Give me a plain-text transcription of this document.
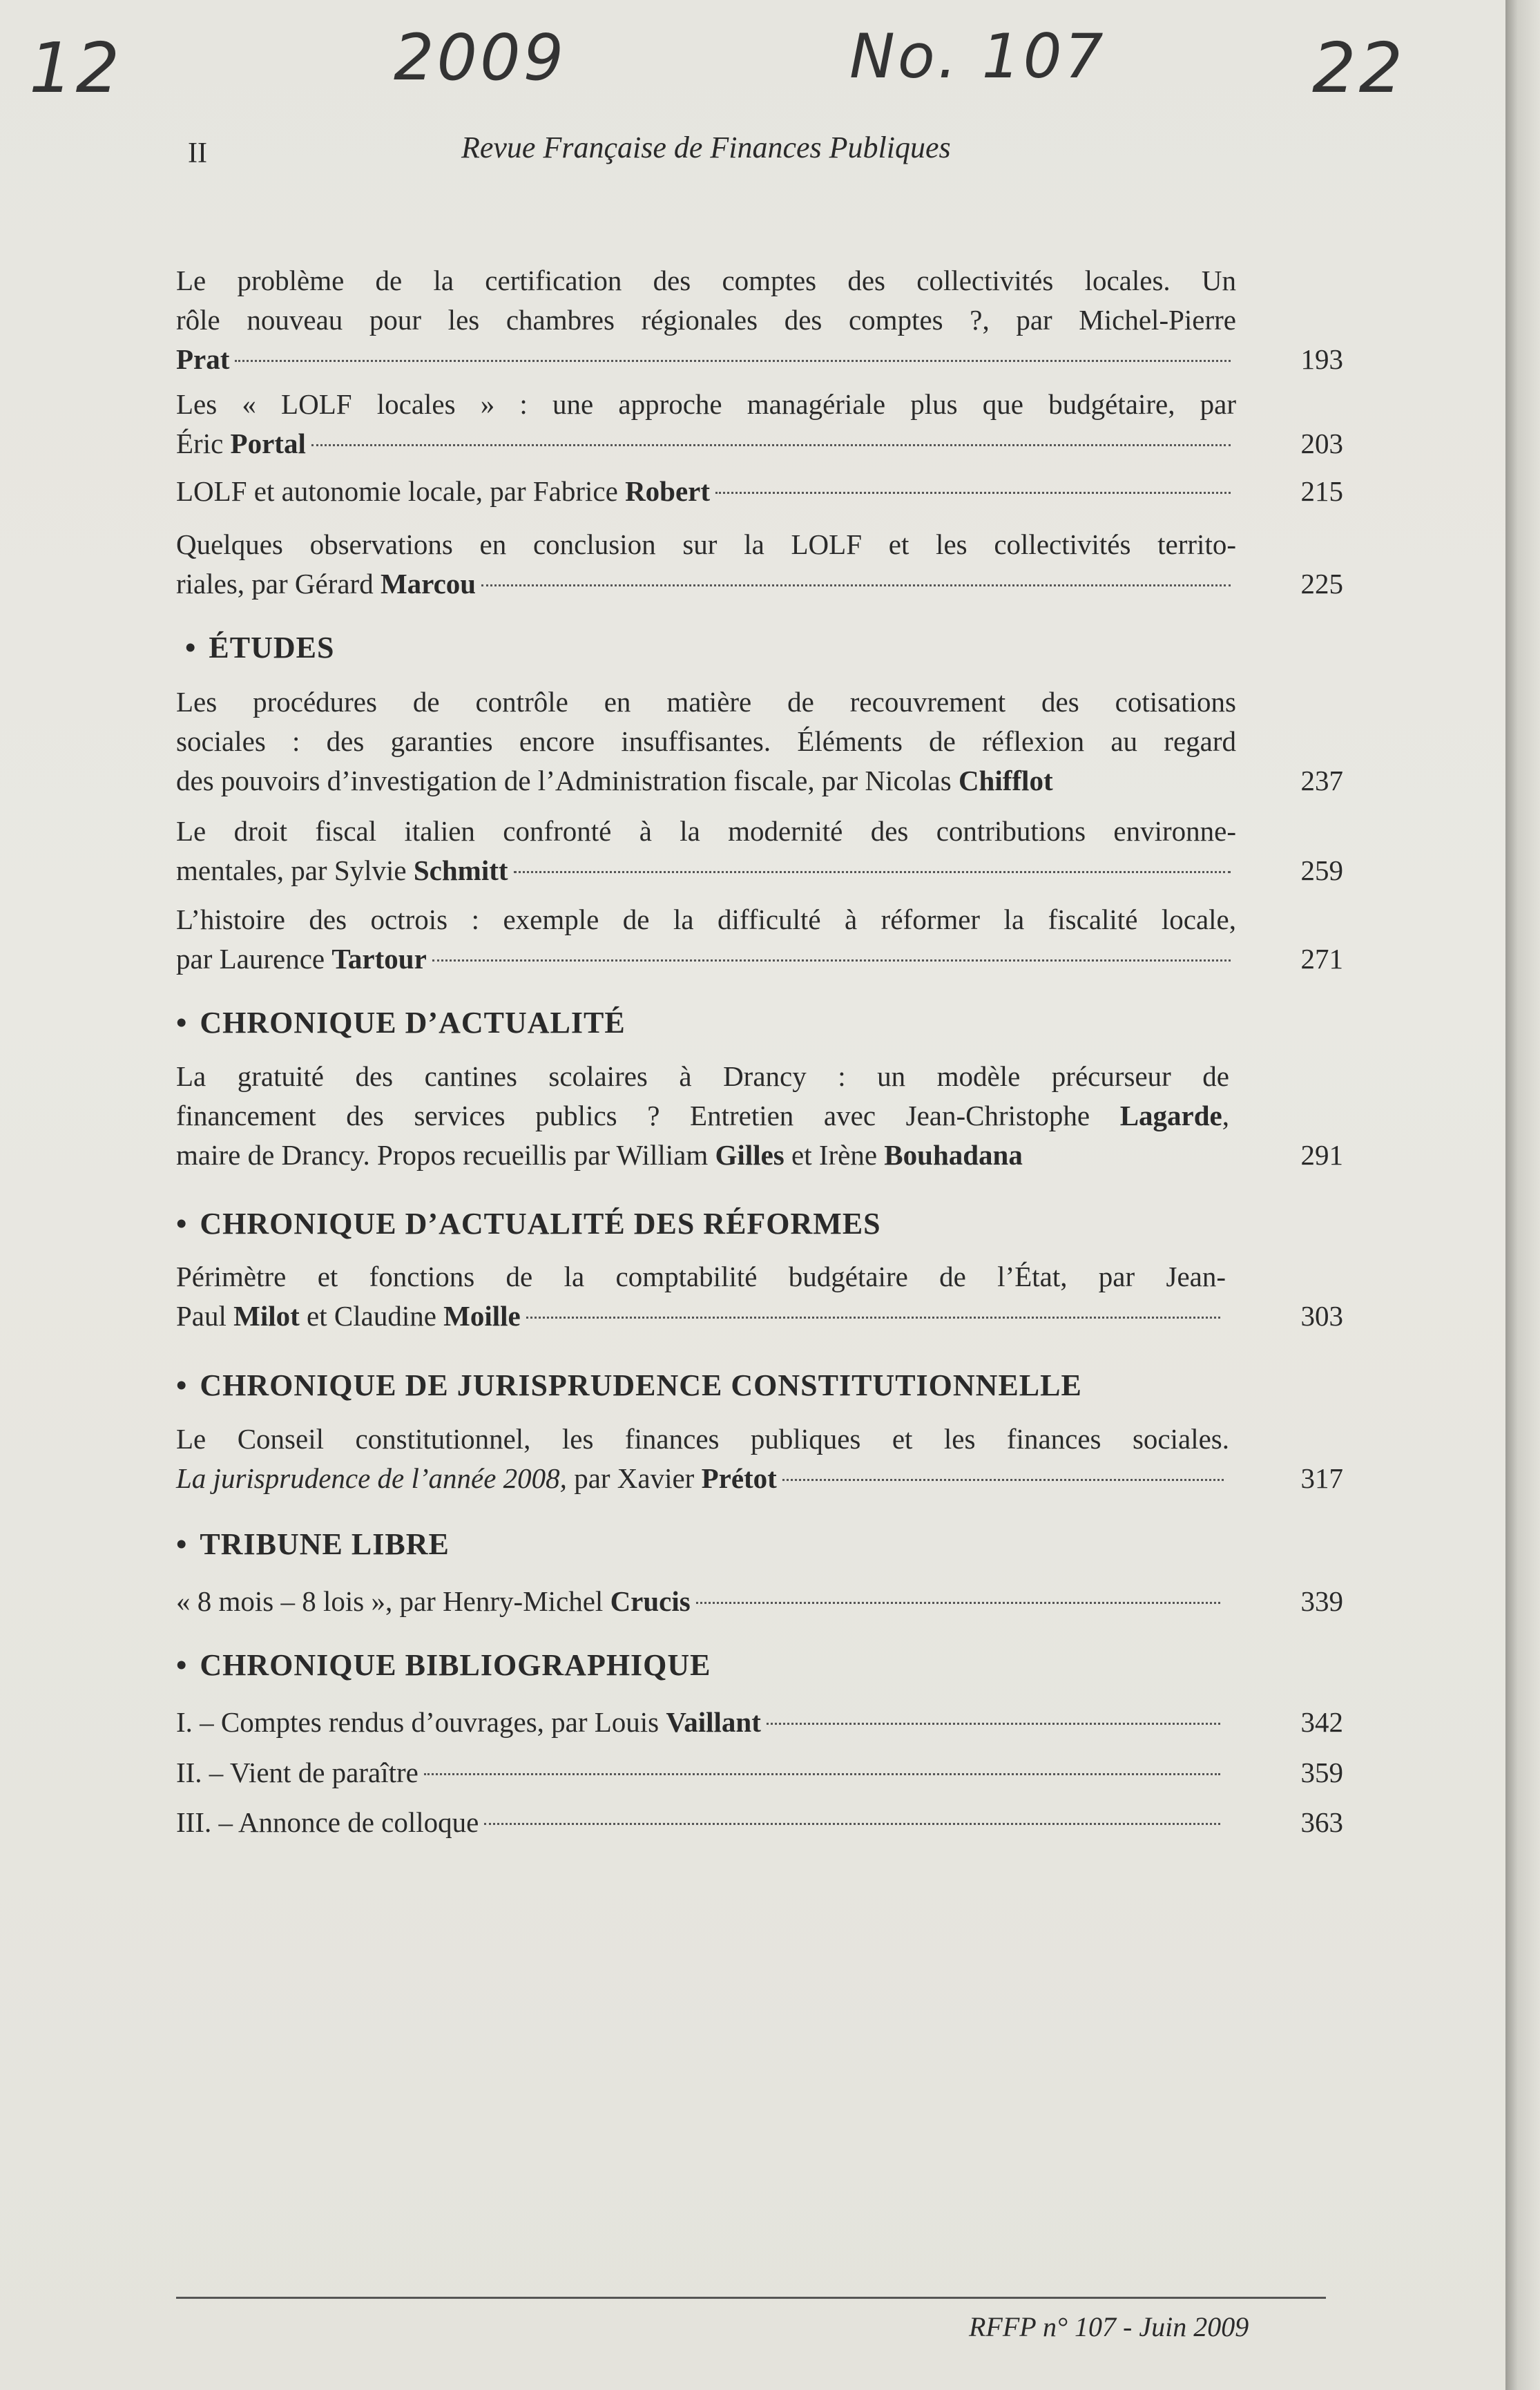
12	2009	No. 107	22
II	Revue Française de Finances Publiques

Le problème de la certification des comptes des collectivités locales. Un

rôle nouveau pour les chambres régionales des comptes ?, par Michel-Pierre

Prat	193

Les « LOLF locales » : une approche managériale plus que budgétaire, par

Éric Portal	203
LOLF et autonomie locale, par Fabrice Robert	215

Quelques observations en conclusion sur la LOLF et les collectivités territo-

riales, par Gérard Marcou	225
• ÉTUDES

Les procédures de contrôle en matière de recouvrement des cotisations

sociales : des garanties encore insuffisantes. Éléments de réflexion au regard

des pouvoirs d’investigation de l’Administration fiscale, par Nicolas Chifflot	237

Le droit fiscal italien confronté à la modernité des contributions environne-

mentales, par Sylvie Schmitt	259

L’histoire des octrois : exemple de la difficulté à réformer la fiscalité locale,

par Laurence Tartour	271
• CHRONIQUE D’ACTUALITÉ

La gratuité des cantines scolaires à Drancy : un modèle précurseur de

financement des services publics ? Entretien avec Jean-Christophe Lagarde,

maire de Drancy. Propos recueillis par William Gilles et Irène Bouhadana	291
• CHRONIQUE D’ACTUALITÉ DES RÉFORMES

Périmètre et fonctions de la comptabilité budgétaire de l’État, par Jean-

Paul Milot et Claudine Moille	303
• CHRONIQUE DE JURISPRUDENCE CONSTITUTIONNELLE

Le Conseil constitutionnel, les finances publiques et les finances sociales.

La jurisprudence de l’année 2008, par Xavier Prétot	317
• TRIBUNE LIBRE
« 8 mois – 8 lois », par Henry-Michel Crucis	339
• CHRONIQUE BIBLIOGRAPHIQUE
I. – Comptes rendus d’ouvrages, par Louis Vaillant	342
II. – Vient de paraître	359
III. – Annonce de colloque	363
RFFP n° 107 - Juin 2009
